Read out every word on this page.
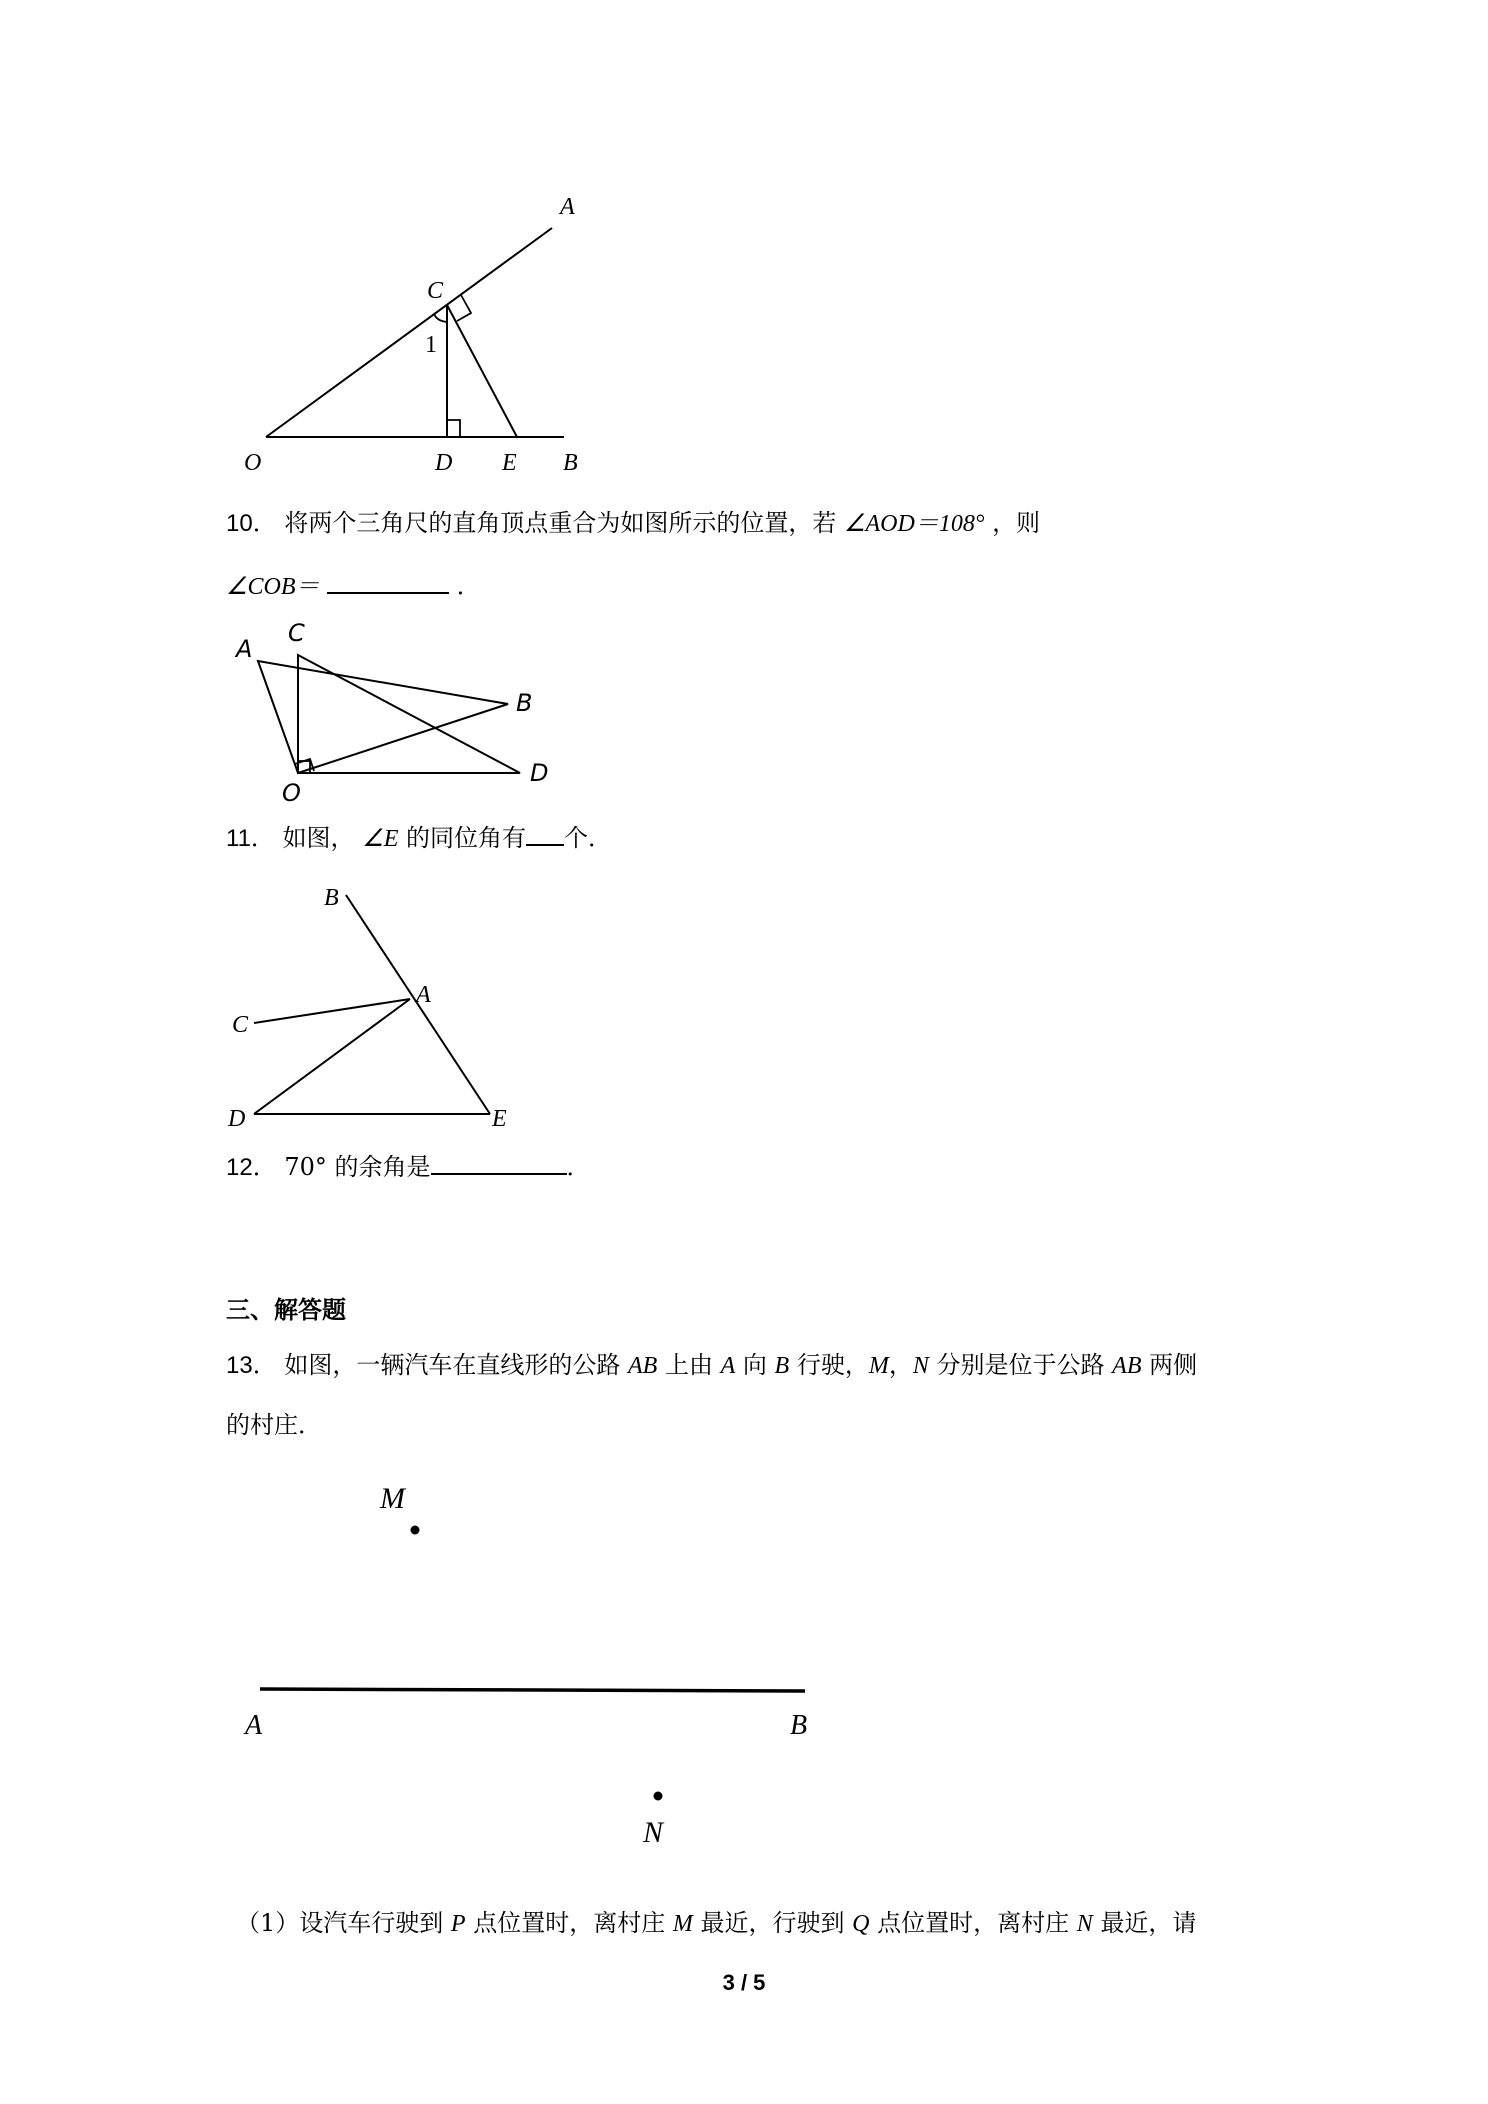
A
C
1
O	D E B
10． 将两个三角尺的直角顶点重合为如图所示的位置，若 ∠AOD＝108° ，则
∠COB＝	．
A
C
B
O
D
11． 如图， ∠E 的同位角有 个．
B
A
C
D	E
12． 70° 的余角是	．
三、解答题
13． 如图，一辆汽车在直线形的公路 AB 上由 A 向 B 行驶，M，N 分别是位于公路 AB 两侧
的村庄．
M
A	B
N
（1）设汽车行驶到 P 点位置时，离村庄 M 最近，行驶到 Q 点位置时，离村庄 N 最近，请
3 / 5
